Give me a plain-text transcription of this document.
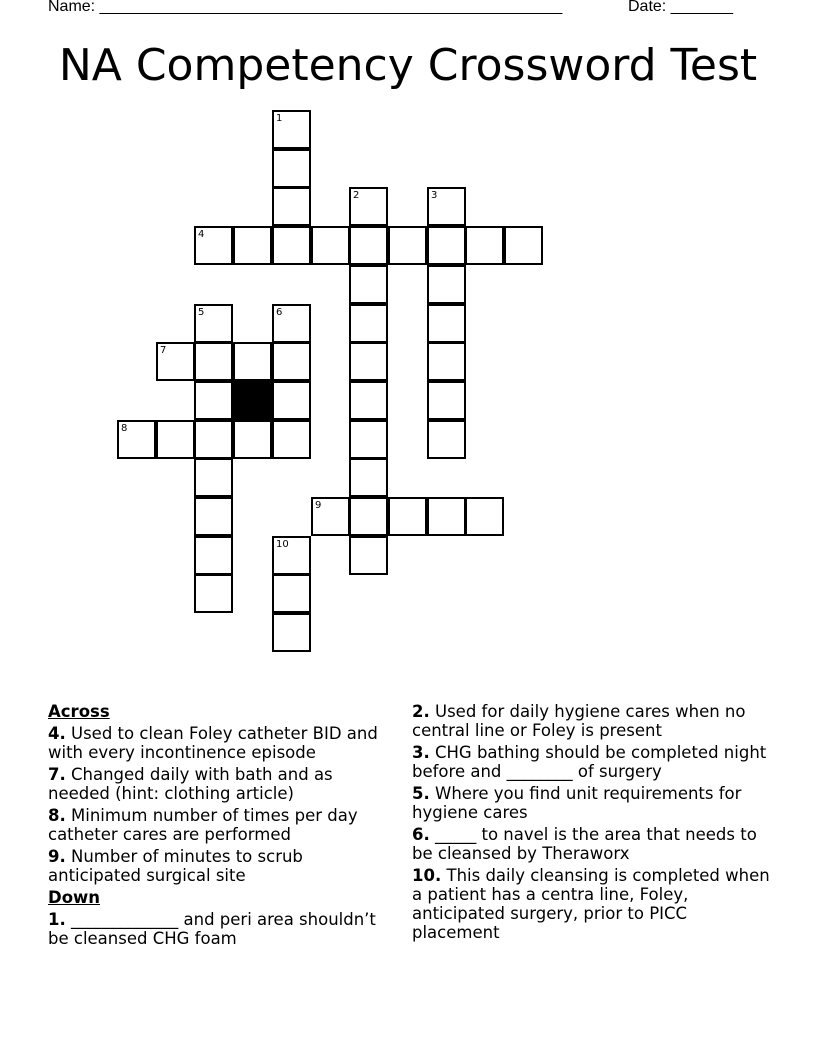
Name: ____________________________________________________	Date: _______
NA Competency Crossword Test
1
2	3
4
5	6
7
8
9
10
Across
4. Used to clean Foley catheter BID and with every incontinence episode
7. Changed daily with bath and as needed (hint: clothing article)
8. Minimum number of times per day catheter cares are performed
9. Number of minutes to scrub anticipated surgical site
Down
1. _____________ and peri area shouldn’t be cleansed CHG foam
2. Used for daily hygiene cares when no central line or Foley is present
3. CHG bathing should be completed night before and ________ of surgery
5. Where you find unit requirements for hygiene cares
6. _____ to navel is the area that needs to be cleansed by Theraworx
10. This daily cleansing is completed when a patient has a centra line, Foley, anticipated surgery, prior to PICC placement
